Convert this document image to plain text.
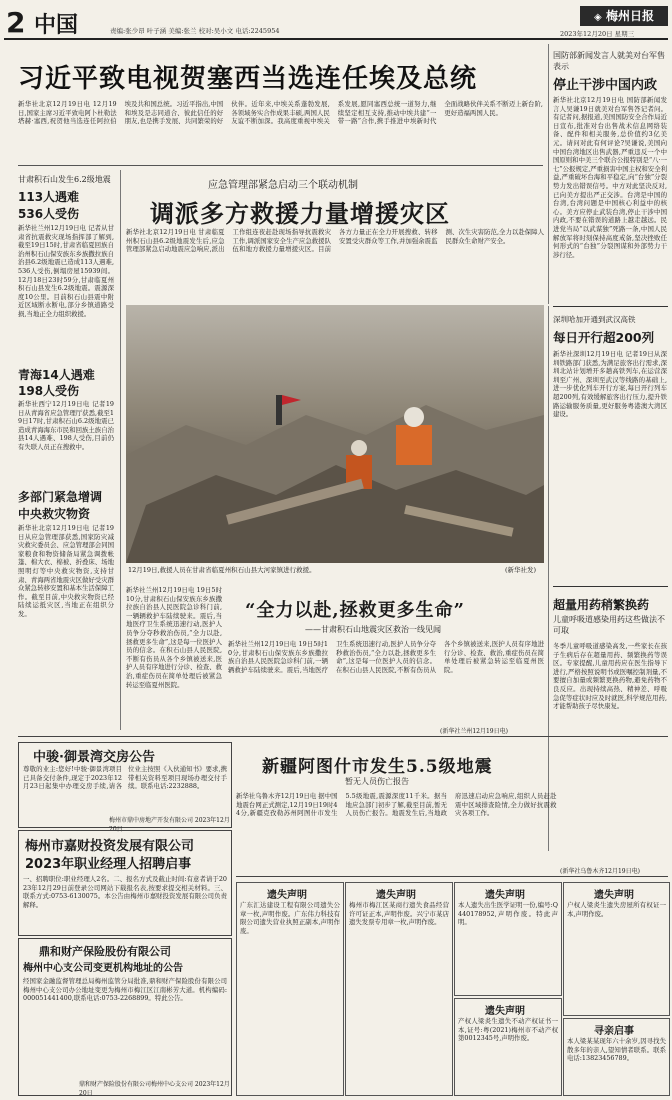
2 中国	责编:张少昂 叶子涵 美编:张兰 校对:吴小文 电话:2245954
◈ 梅州日报
2023年12月20日 星期三
习近平致电视贺塞西当选连任埃及总统
新华社北京12月19日电 12月19日,国家主席习近平致电阿卜杜勒法塔赫·塞西,祝贺他当选连任阿拉伯埃及共和国总统。习近平指出,中国和埃及是志同道合、彼此信任的好朋友,也是携手发展、共同繁荣的好伙伴。近年来,中埃关系蓬勃发展,各领域务实合作成果丰硕,两国人民友谊不断加深。我高度重视中埃关系发展,愿同塞西总统一道努力,继续坚定相互支持,推动中埃共建“一带一路”合作,携手推进中埃新时代全面战略伙伴关系不断迈上新台阶,更好造福两国人民。
国防部新闻发言人就美对台军售表示
停止干涉中国内政
新华社北京12月19日电 国防部新闻发言人吴谦19日就美对台军售答记者问。有记者问,据报道,美国国防安全合作局近日宣布,批准对台出售战术信息网络装备、配件和相关服务,总价值约3亿美元。请问对此有何评论?吴谦说,美国向中国台湾地区出售武器,严重违反一个中国原则和中美三个联合公报特别是“八·一七”公报规定,严重损害中国主权和安全利益,严重破坏台海和平稳定,向“台独”分裂势力发出错误信号。中方对此坚决反对,已向美方提出严正交涉。台湾是中国的台湾,台湾问题是中国核心利益中的核心。美方应停止武装台湾,停止干涉中国内政,不要在错误的道路上越走越远。民进党当局“以武谋独”死路一条,中国人民解放军将时刻保持高度戒备,坚决挫败任何形式的“台独”分裂图谋和外部势力干涉行径。
深圳哈加开通到武汉高铁
每日开行超200列
新华社深圳12月19日电 记者19日从深圳铁路部门获悉,为满足旅客出行需求,深圳北站计划增开多趟高铁列车,在运营深圳至广州、深圳至武汉等线路的基础上,进一步优化列车开行方案,每日开行列车超200列,有效缓解旅客出行压力,提升铁路运输服务质量,更好服务粤港澳大湾区建设。
超量用药稍繁换药
儿童呼吸道感染用药这些做法不可取
冬季儿童呼吸道感染高发,一些家长在孩子生病后存在超量用药、频繁换药等误区。专家提醒,儿童用药应在医生指导下进行,严格按照说明书或医嘱控制剂量,不要擅自加量或频繁更换药物,避免药物不良反应。出现持续高热、精神差、呼吸急促等症状时应及时就医,科学规范用药,才能帮助孩子尽快康复。
甘肃积石山发生6.2级地震
113人遇难
536人受伤
新华社兰州12月19日电 记者从甘肃省抗震救灾现场指挥部了解到,截至19日15时,甘肃省临夏回族自治州积石山保安族东乡族撒拉族自治县6.2级地震已造成113人遇难,536人受伤,倒塌房屋15939间。12月18日23时59分,甘肃临夏州积石山县发生6.2级地震。震源深度10公里。目前积石山县震中附近区域断水断电,部分乡镇道路受损,当地正全力组织救援。
青海14人遇难
198人受伤
新华社西宁12月19日电 记者19日从青海省应急管理厅获悉,截至19日17时,甘肃积石山6.2级地震已造成青海海东市民和回族土族自治县14人遇难、198人受伤,目前仍有失联人员正在搜救中。
多部门紧急增调
中央救灾物资
新华社北京12月19日电 记者19日从应急管理部获悉,国家防灾减灾救灾委员会、应急管理部会同国家粮食和物资储备局紧急调拨帐篷、棉大衣、棉被、折叠床、场地照明灯等中央救灾物资,支持甘肃、青海两省地震灾区做好受灾群众紧急转移安置和基本生活保障工作。截至目前,中央救灾物资已经陆续运抵灾区,当地正在组织分发。
应急管理部紧急启动三个联动机制
调派多方救援力量增援灾区
新华社北京12月19日电 甘肃临夏州积石山县6.2级地震发生后,应急管理部紧急启动地震应急响应,派出工作组连夜赶赴现场指导抗震救灾工作,调派国家安全生产应急救援队伍和地方救援力量增援灾区。目前各方力量正在全力开展搜救、转移安置受灾群众等工作,并加强余震监测、次生灾害防范,全力以赴保障人民群众生命财产安全。
12月19日,救援人员在甘肃省临夏州积石山县大河家镇进行救援。	(新华社发)
新华社兰州12月19日电 19日5时10分,甘肃积石山保安族东乡族撒拉族自治县人民医院急诊科门前,一辆辆救护车陆续驶来。震后,当地医疗卫生系统迅速行动,医护人员争分夺秒救治伤员,“全力以赴,拯救更多生命”,这是每一位医护人员的信念。在积石山县人民医院,不断有伤员从各个乡镇被送来,医护人员有序地进行分诊、检查、救治,重症伤员在简单处理后被紧急转运至临夏州医院。
“全力以赴,拯救更多生命”
——甘肃积石山地震灾区救治一线见闻
新华社兰州12月19日电 19日5时10分,甘肃积石山保安族东乡族撒拉族自治县人民医院急诊科门前,一辆辆救护车陆续驶来。震后,当地医疗卫生系统迅速行动,医护人员争分夺秒救治伤员,“全力以赴,拯救更多生命”,这是每一位医护人员的信念。在积石山县人民医院,不断有伤员从各个乡镇被送来,医护人员有序地进行分诊、检查、救治,重症伤员在简单处理后被紧急转运至临夏州医院。
(新华社兰州12月19日电)
中骏·御景湾交房公告
尊敬的业主:您好!中骏·御景湾项目已具备交付条件,现定于2023年12月23日起集中办理交房手续,请各位业主按照《入伙通知书》要求,携带相关资料至项目现场办理交付手续。联系电话:2232888。
梅州市鼎中房地产开发有限公司 2023年12月20日
梅州市嘉财投资发展有限公司
2023年职业经理人招聘启事
一、招聘职位:职业经理人2名。二、报名方式及截止时间:有意者请于2023年12月29日前登录公司网站下载报名表,按要求提交相关材料。三、联系方式:0753-6130075。本公告由梅州市嘉财投资发展有限公司负责解释。
鼎和财产保险股份有限公司
梅州中心支公司变更机构地址的公告
经国家金融监督管理总局梅州监管分局批准,鼎和财产保险股份有限公司梅州中心支公司办公地址变更为梅州市梅江区江南彬芳大道。机构编码:000051441400,联系电话:0753-2268899。特此公告。
鼎和财产保险股份有限公司梅州中心支公司 2023年12月20日
新疆阿图什市发生5.5级地震
暂无人员伤亡报告
新华社乌鲁木齐12月19日电 据中国地震台网正式测定,12月19日19时44分,新疆克孜勒苏州阿图什市发生5.5级地震,震源深度11千米。据当地应急部门初步了解,截至目前,暂无人员伤亡报告。地震发生后,当地政府迅速启动应急响应,组织人员赶赴震中区域排查险情,全力做好抗震救灾各项工作。
(新华社乌鲁木齐12月19日电)
遗失声明
广东汇达建设工程有限公司遗失公章一枚,声明作废。广东伟力科技有限公司遗失营业执照正副本,声明作废。
遗失声明
梅州市梅江区某商行遗失食品经营许可证正本,声明作废。兴宁市某店遗失发票专用章一枚,声明作废。
遗失声明
本人遗失出生医学证明一份,编号:Q440178952,声明作废。特此声明。
遗失声明
产权人梁炎生遗失不动产权证书一本,证号:粤(2021)梅州市不动产权第0012345号,声明作废。
遗失声明
户权人梁炎生遗失房屋所有权证一本,声明作废。
寻亲启事
本人梁某某现年六十余岁,因寻找失散多年的亲人,望知情者联系。联系电话:13823456789。
